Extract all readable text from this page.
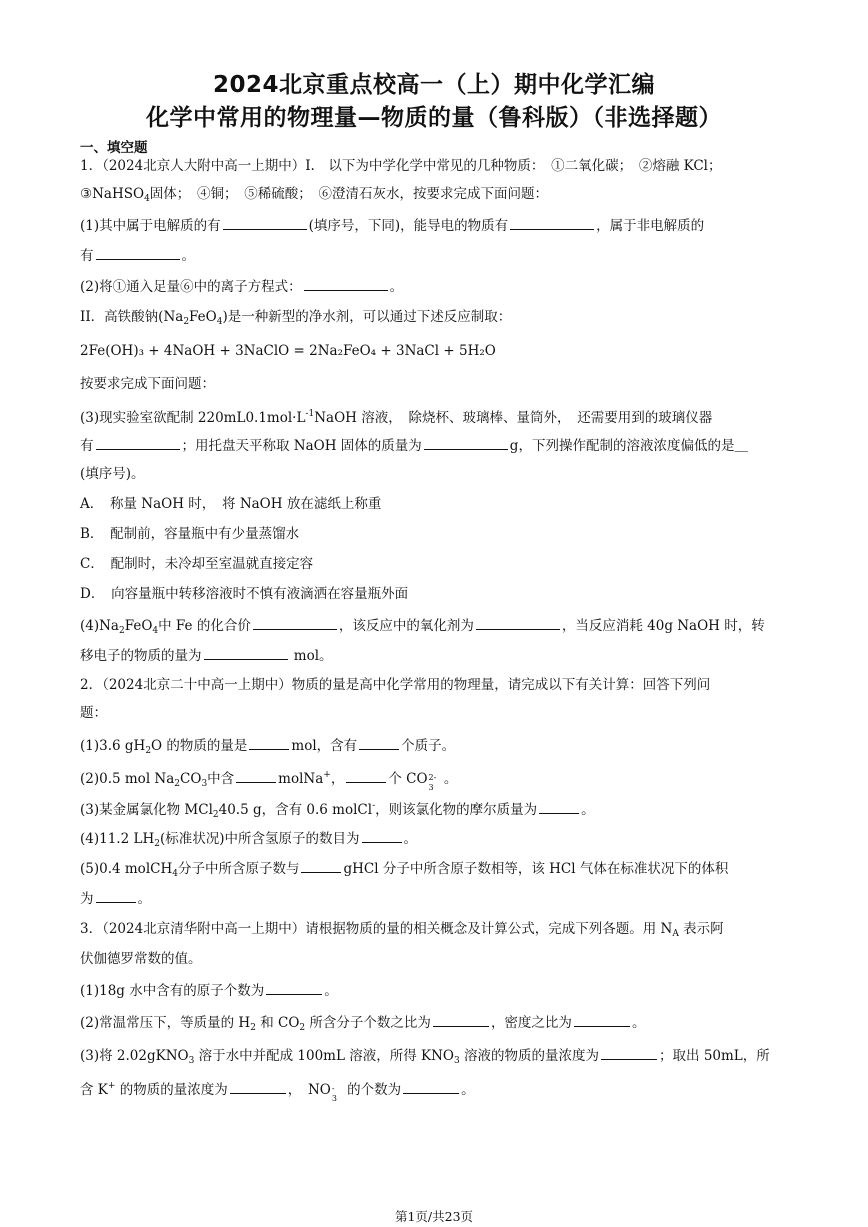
2024北京重点校高一（上）期中化学汇编
化学中常用的物理量—物质的量（鲁科版）（非选择题）
一、填空题
1．（2024北京人大附中高一上期中）I.　以下为中学化学中常见的几种物质：　①二氧化碳；　②熔融 KCl；
③NaHSO$_4$固体；　④铜；　⑤稀硫酸；　⑥澄清石灰水，按要求完成下面问题：
(1)其中属于电解质的有	(填序号，下同)，能导电的物质有	，属于非电解质的
有	。
(2)将①通入足量⑥中的离子方程式：	。
II．高铁酸钠$(Na_2FeO_4)$是一种新型的净水剂，可以通过下述反应制取：
2Fe(OH)₃ + 4NaOH + 3NaClO = 2Na₂FeO₄ + 3NaCl + 5H₂O
按要求完成下面问题：
(3)现实验室欲配制 $220mL0.1mol\cdot L^{-1}NaOH$ 溶液，　除烧杯、玻璃棒、量筒外，　还需要用到的玻璃仪器
有	；用托盘天平称取 NaOH 固体的质量为	g，下列操作配制的溶液浓度偏低的是＿
(填序号)。
A．　称量 NaOH 时，　将 NaOH 放在滤纸上称重
B．　配制前，容量瓶中有少量蒸馏水
C．　配制时，未冷却至室温就直接定容
D．　向容量瓶中转移溶液时不慎有液滴洒在容量瓶外面
$(4)Na_2FeO_4$中 Fe 的化合价	，该反应中的氧化剂为	，当反应消耗 40g NaOH 时，转
移电子的物质的量为	mol。
2．（2024北京二十中高一上期中）物质的量是高中化学常用的物理量，请完成以下有关计算：回答下列问
题：
(1)3.6 $gH_2O$ 的物质的量是	mol，含有	个质子。
(2)0.5 mol $Na_2CO_3$中含	molNa+，	个 CO 2-
3 。
(3)某金属氯化物 MCl$_2$40.5 g，含有 0.6 molCl-，则该氯化物的摩尔质量为	。
(4)11.2 $LH_2$(标准状况)中所含氢原子的数目为	。
(5)0.4 molCH$_4$分子中所含原子数与	gHCl 分子中所含原子数相等，该 HCl 气体在标准状况下的体积
为	。
3．（2024北京清华附中高一上期中）请根据物质的量的相关概念及计算公式，完成下列各题。用 $N_A$ 表示阿
伏伽德罗常数的值。
(1)18g 水中含有的原子个数为	。
(2)常温常压下，等质量的 $H_2$ 和 $CO_2$ 所含分子个数之比为	，密度之比为	。
(3)将 2.02gKNO$_3$ 溶于水中并配成 100mL 溶液，所得 $KNO_3$ 溶液的物质的量浓度为	；取出 50mL，所
含 K+ 的物质的量浓度为	，　NO -
3 的个数为	。
第1页/共23页
